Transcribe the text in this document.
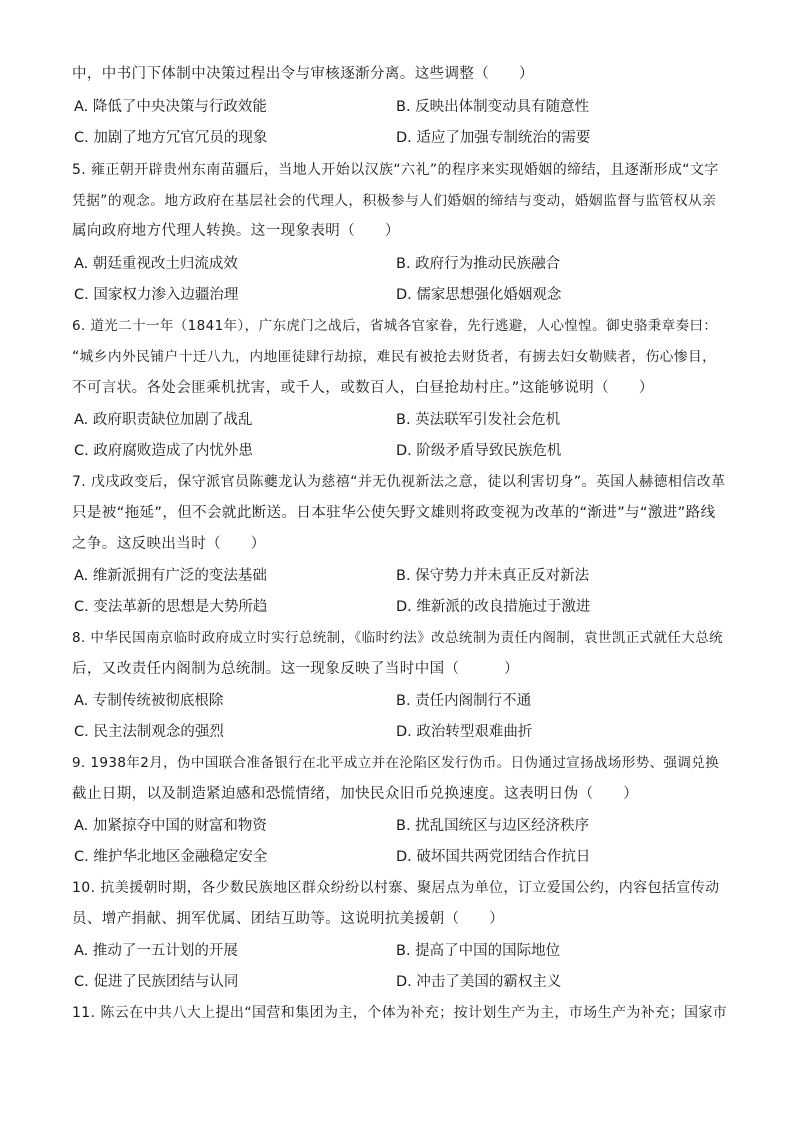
中，中书门下体制中决策过程出令与审核逐渐分离。这些调整（　　）
A. 降低了中央决策与行政效能	B. 反映出体制变动具有随意性
C. 加剧了地方冗官冗员的现象	D. 适应了加强专制统治的需要
5. 雍正朝开辟贵州东南苗疆后，当地人开始以汉族“六礼”的程序来实现婚姻的缔结，且逐渐形成“文字
凭据”的观念。地方政府在基层社会的代理人，积极参与人们婚姻的缔结与变动，婚姻监督与监管权从亲
属向政府地方代理人转换。这一现象表明（　　）
A. 朝廷重视改土归流成效	B. 政府行为推动民族融合
C. 国家权力渗入边疆治理	D. 儒家思想强化婚姻观念
6. 道光二十一年（1841年），广东虎门之战后，省城各官家眷，先行逃避，人心惶惶。御史骆秉章奏曰：
“城乡内外民铺户十迁八九，内地匪徒肆行劫掠，难民有被抢去财货者，有掳去妇女勒赎者，伤心惨目，
不可言状。各处会匪乘机扰害，或千人，或数百人，白昼抢劫村庄。”这能够说明（　　）
A. 政府职责缺位加剧了战乱	B. 英法联军引发社会危机
C. 政府腐败造成了内忧外患	D. 阶级矛盾导致民族危机
7. 戊戌政变后，保守派官员陈夔龙认为慈禧“并无仇视新法之意，徒以利害切身”。英国人赫德相信改革
只是被“拖延”，但不会就此断送。日本驻华公使矢野文雄则将政变视为改革的“渐进”与“激进”路线
之争。这反映出当时（　　）
A. 维新派拥有广泛的变法基础	B. 保守势力并未真正反对新法
C. 变法革新的思想是大势所趋	D. 维新派的改良措施过于激进
8. 中华民国南京临时政府成立时实行总统制，《临时约法》改总统制为责任内阁制，袁世凯正式就任大总统
后，又改责任内阁制为总统制。这一现象反映了当时中国（　　　）
A. 专制传统被彻底根除	B. 责任内阁制行不通
C. 民主法制观念的强烈	D. 政治转型艰难曲折
9. 1938年2月，伪中国联合准备银行在北平成立并在沦陷区发行伪币。日伪通过宣扬战场形势、强调兑换
截止日期，以及制造紧迫感和恐慌情绪，加快民众旧币兑换速度。这表明日伪（　　）
A. 加紧掠夺中国的财富和物资	B. 扰乱国统区与边区经济秩序
C. 维护华北地区金融稳定安全	D. 破坏国共两党团结合作抗日
10. 抗美援朝时期，各少数民族地区群众纷纷以村寨、聚居点为单位，订立爱国公约，内容包括宣传动
员、增产捐献、拥军优属、团结互助等。这说明抗美援朝（　　）
A. 推动了一五计划的开展	B. 提高了中国的国际地位
C. 促进了民族团结与认同	D. 冲击了美国的霸权主义
11. 陈云在中共八大上提出“国营和集团为主，个体为补充；按计划生产为主，市场生产为补充；国家市
